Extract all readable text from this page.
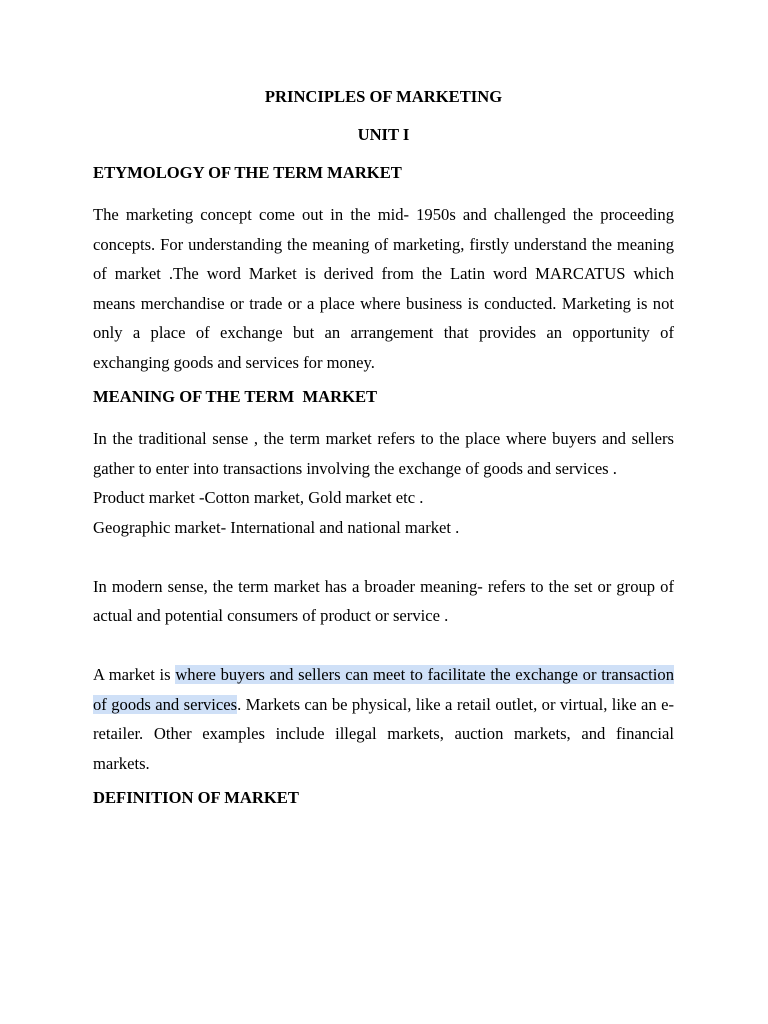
PRINCIPLES OF MARKETING

UNIT I

ETYMOLOGY OF THE TERM MARKET

The marketing concept come out in the mid- 1950s and challenged the proceeding concepts. For understanding the meaning of marketing, firstly understand the meaning of market .The word Market is derived from the Latin word MARCATUS which means merchandise or trade or a place where business is conducted. Marketing is not only a place of exchange but an arrangement that provides an opportunity of exchanging goods and services for money.

MEANING OF THE TERM  MARKET

In the traditional sense , the term market refers to the place where buyers and sellers gather to enter into transactions involving the exchange of goods and services .

Product market -Cotton market, Gold market etc .

Geographic market- International and national market .

In modern sense, the term market has a broader meaning- refers to the set or group of actual and potential consumers of product or service .

A market is where buyers and sellers can meet to facilitate the exchange or transaction of goods and services. Markets can be physical, like a retail outlet, or virtual, like an e-retailer. Other examples include illegal markets, auction markets, and financial markets.

DEFINITION OF MARKET
